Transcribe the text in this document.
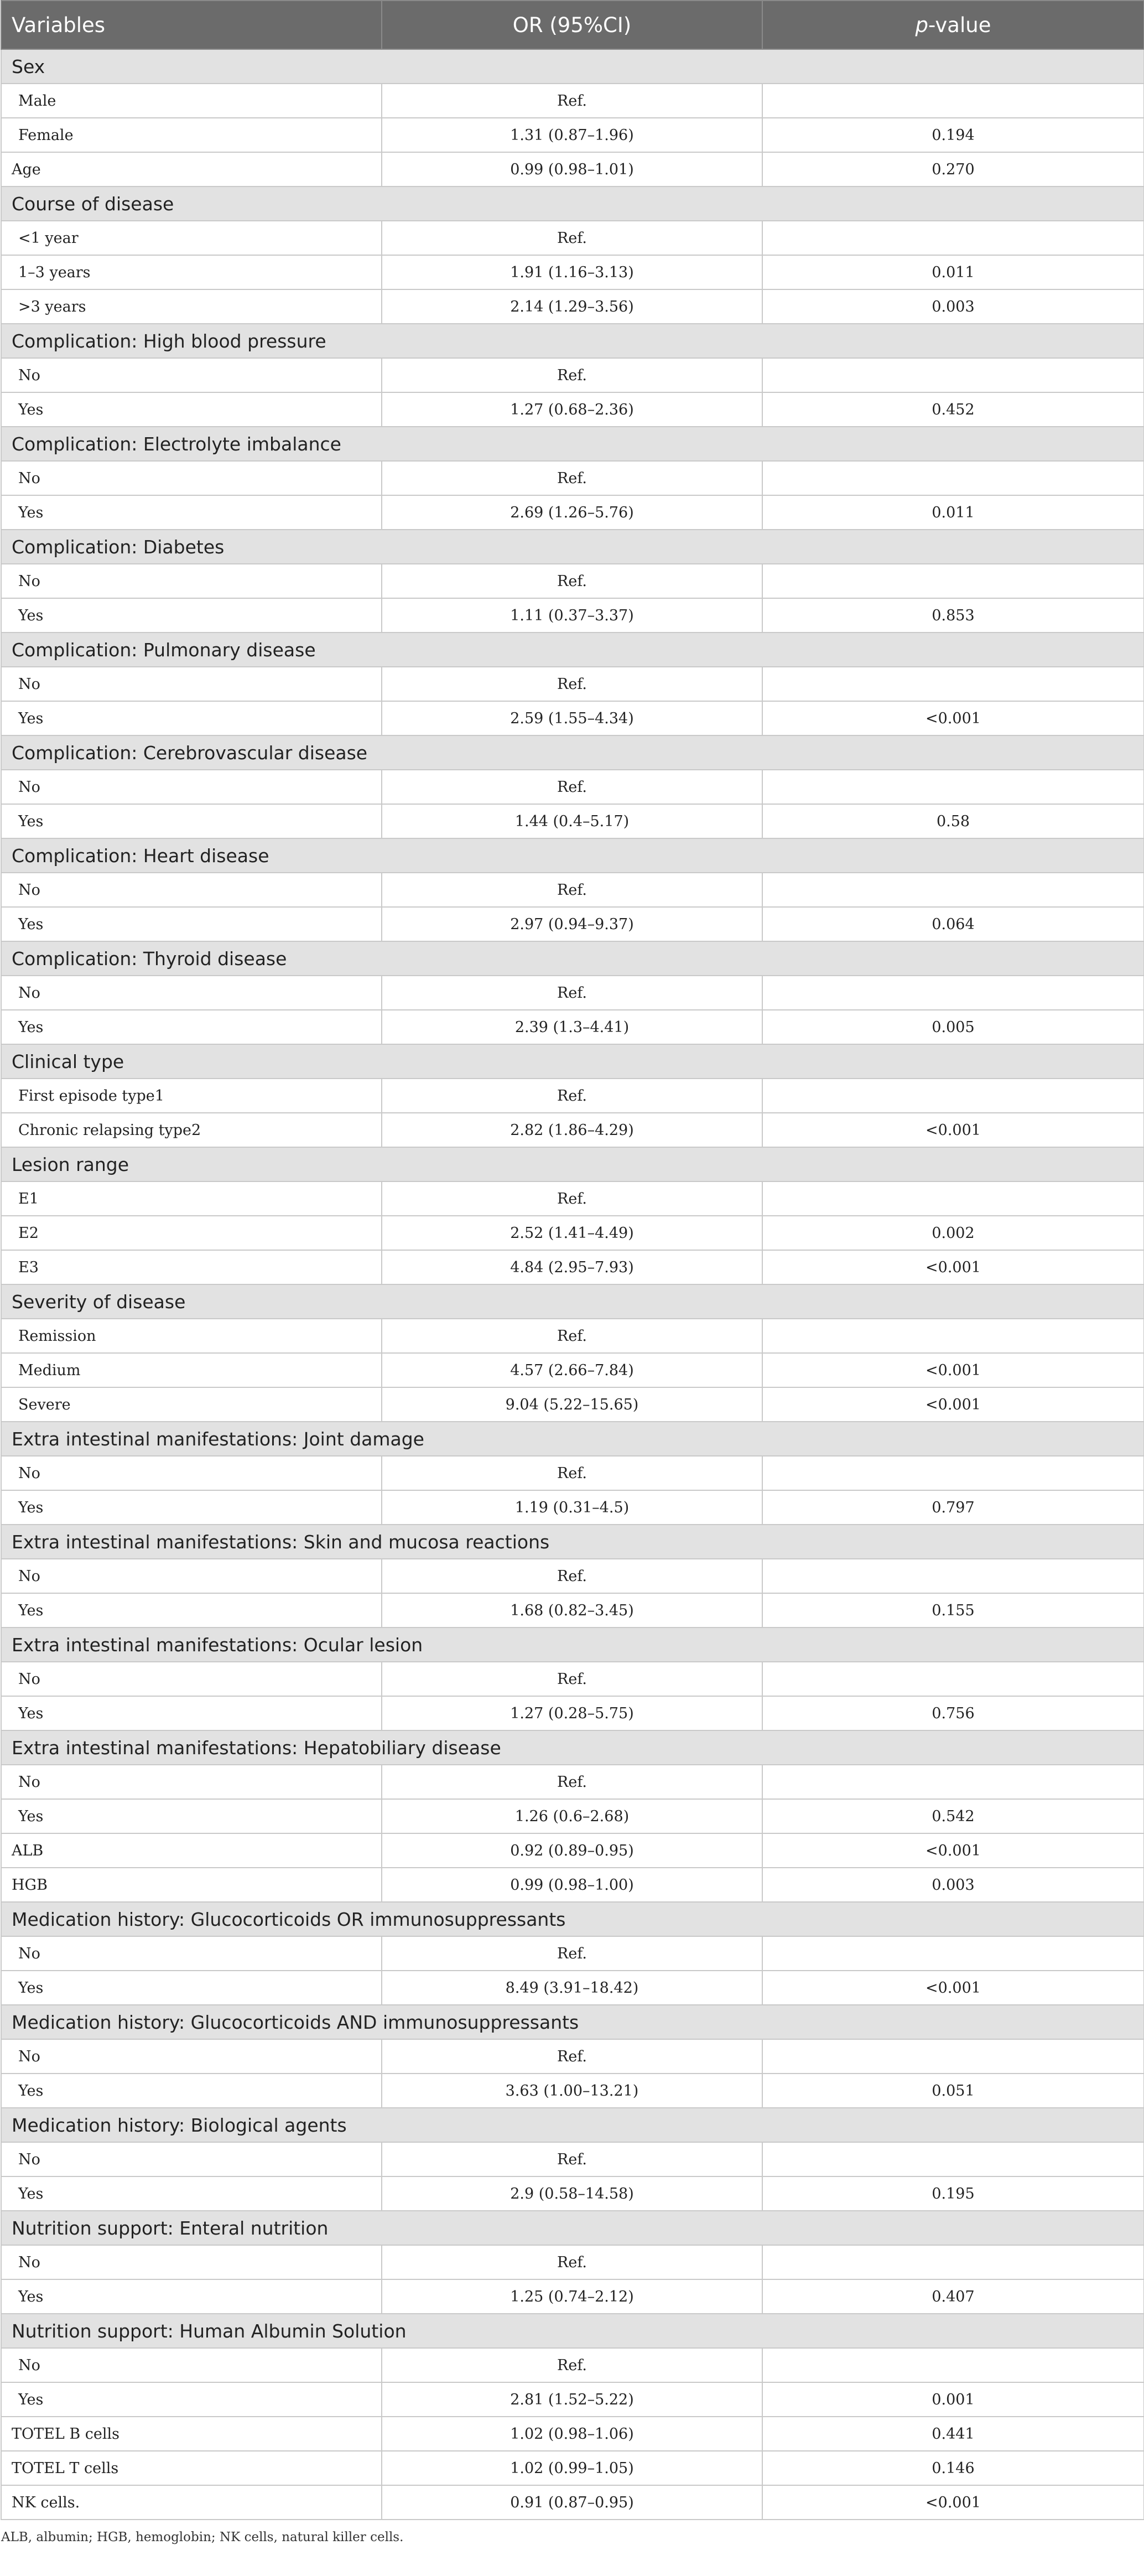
Variables	OR (95%CI)	p-value
Sex		
Male	Ref.	
Female	1.31 (0.87–1.96)	0.194
Age	0.99 (0.98–1.01)	0.270
Course of disease		
<1 year	Ref.	
1–3 years	1.91 (1.16–3.13)	0.011
>3 years	2.14 (1.29–3.56)	0.003
Complication: High blood pressure		
No	Ref.	
Yes	1.27 (0.68–2.36)	0.452
Complication: Electrolyte imbalance		
No	Ref.	
Yes	2.69 (1.26–5.76)	0.011
Complication: Diabetes		
No	Ref.	
Yes	1.11 (0.37–3.37)	0.853
Complication: Pulmonary disease		
No	Ref.	
Yes	2.59 (1.55–4.34)	<0.001
Complication: Cerebrovascular disease		
No	Ref.	
Yes	1.44 (0.4–5.17)	0.58
Complication: Heart disease		
No	Ref.	
Yes	2.97 (0.94–9.37)	0.064
Complication: Thyroid disease		
No	Ref.	
Yes	2.39 (1.3–4.41)	0.005
Clinical type		
First episode type1	Ref.	
Chronic relapsing type2	2.82 (1.86–4.29)	<0.001
Lesion range		
E1	Ref.	
E2	2.52 (1.41–4.49)	0.002
E3	4.84 (2.95–7.93)	<0.001
Severity of disease		
Remission	Ref.	
Medium	4.57 (2.66–7.84)	<0.001
Severe	9.04 (5.22–15.65)	<0.001
Extra intestinal manifestations: Joint damage		
No	Ref.	
Yes	1.19 (0.31–4.5)	0.797
Extra intestinal manifestations: Skin and mucosa reactions		
No	Ref.	
Yes	1.68 (0.82–3.45)	0.155
Extra intestinal manifestations: Ocular lesion		
No	Ref.	
Yes	1.27 (0.28–5.75)	0.756
Extra intestinal manifestations: Hepatobiliary disease		
No	Ref.	
Yes	1.26 (0.6–2.68)	0.542
ALB	0.92 (0.89–0.95)	<0.001
HGB	0.99 (0.98–1.00)	0.003
Medication history: Glucocorticoids OR immunosuppressants		
No	Ref.	
Yes	8.49 (3.91–18.42)	<0.001
Medication history: Glucocorticoids AND immunosuppressants		
No	Ref.	
Yes	3.63 (1.00–13.21)	0.051
Medication history: Biological agents		
No	Ref.	
Yes	2.9 (0.58–14.58)	0.195
Nutrition support: Enteral nutrition		
No	Ref.	
Yes	1.25 (0.74–2.12)	0.407
Nutrition support: Human Albumin Solution		
No	Ref.	
Yes	2.81 (1.52–5.22)	0.001
TOTEL B cells	1.02 (0.98–1.06)	0.441
TOTEL T cells	1.02 (0.99–1.05)	0.146
NK cells.	0.91 (0.87–0.95)	<0.001
ALB, albumin; HGB, hemoglobin; NK cells, natural killer cells.
